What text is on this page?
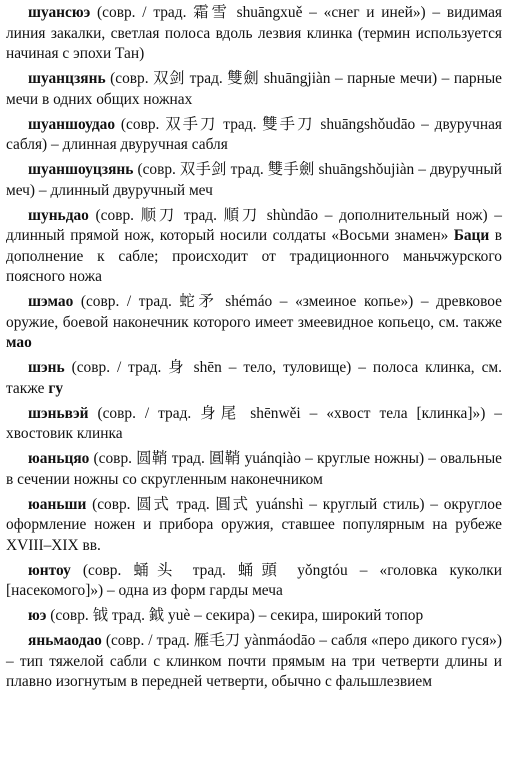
шуансюэ (совр. / трад. 霜雪 shuāngxuě – «снег и иней») – видимая линия закалки, светлая полоса вдоль лезвия клинка (термин используется начиная с эпохи Тан)

шуанцзянь (совр. 双剑 трад. 雙劍 shuāngjiàn – парные мечи) – парные мечи в одних общих ножнах

шуаншоудао (совр. 双手刀 трад. 雙手刀 shuāngshǒudāo – двуручная сабля) – длинная двуручная сабля

шуаншоуцзянь (совр. 双手剑 трад. 雙手劍 shuāngshǒujiàn – двуручный меч) – длинный двуручный меч

шуньдао (совр. 顺刀 трад. 順刀 shùndāo – дополнительный нож) – длинный прямой нож, который носили солдаты «Восьми знамен» Баци в дополнение к сабле; происходит от традиционного маньчжурского поясного ножа

шэмао (совр. / трад. 蛇矛 shémáo – «змеиное копье») – древковое оружие, боевой наконечник которого имеет змеевидное копьецо, см. также мао

шэнь (совр. / трад. 身 shēn – тело, туловище) – полоса клинка, см. также гу

шэньвэй (совр. / трад. 身尾 shēnwěi – «хвост тела [клинка]») – хвостовик клинка

юаньцяо (совр. 圆鞘 трад. 圓鞘 yuánqiào – круглые ножны) – овальные в сечении ножны со скругленным наконечником

юаньши (совр. 圆式 трад. 圓式 yuánshì – круглый стиль) – округлое оформление ножен и прибора оружия, ставшее популярным на рубеже XVIII–XIX вв.

юнтоу (совр. 蛹头 трад. 蛹頭 yǒngtóu – «головка куколки [насекомого]») – одна из форм гарды меча

юэ (совр. 钺 трад. 鉞 yuè – секира) – секира, широкий топор

яньмаодао (совр. / трад. 雁毛刀 yànmáodāo – сабля «перо дикого гуся») – тип тяжелой сабли с клинком почти прямым на три четверти длины и плавно изогнутым в передней четверти, обычно с фальшлезвием
